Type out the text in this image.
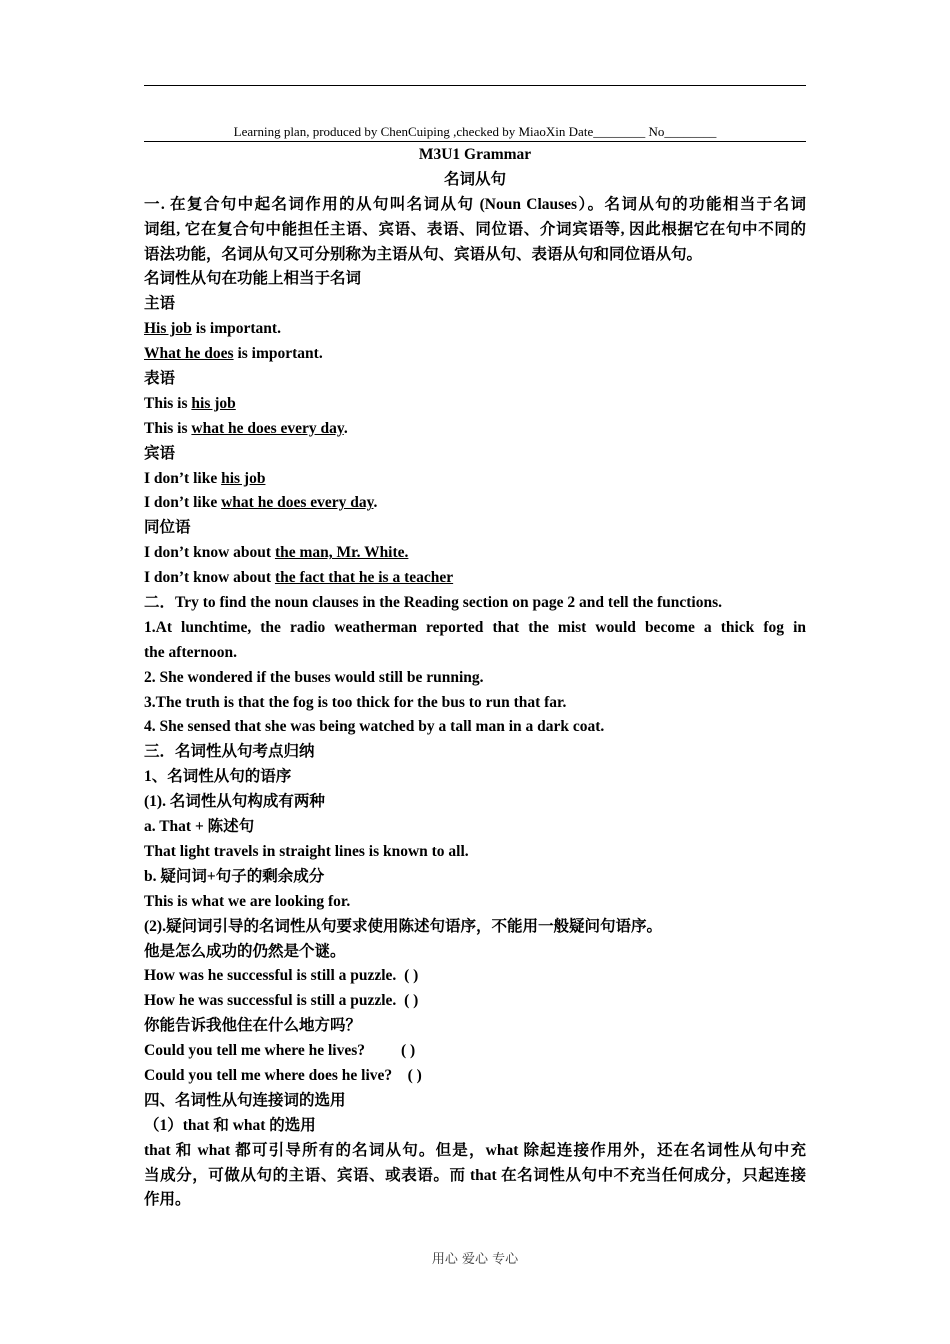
Learning plan, produced by ChenCuiping ,checked by MiaoXin Date________ No________
M3U1 Grammar
名词从句
一. 在复合句中起名词作用的从句叫名词从句 (Noun Clauses）。名词从句的功能相当于名词
词组, 它在复合句中能担任主语、宾语、表语、同位语、介词宾语等, 因此根据它在句中不同的
语法功能，名词从句又可分别称为主语从句、宾语从句、表语从句和同位语从句。
名词性从句在功能上相当于名词
主语
His job is important.
What he does is important.
表语
This is his job
This is what he does every day.
宾语
I don’t like his job
I don’t like what he does every day.
同位语
I don’t know about the man, Mr. White.
I don’t know about the fact that he is a teacher
二．Try to find the noun clauses in the Reading section on page 2 and tell the functions.
1.At lunchtime, the radio weatherman reported that the mist would become a thick fog in
the afternoon.
2. She wondered if the buses would still be running.
3.The truth is that the fog is too thick for the bus to run that far.
4. She sensed that she was being watched by a tall man in a dark coat.
三．名词性从句考点归纳
1、名词性从句的语序
(1). 名词性从句构成有两种
a. That + 陈述句
That light travels in straight lines is known to all.
b. 疑问词+句子的剩余成分
This is what we are looking for.
(2).疑问词引导的名词性从句要求使用陈述句语序，不能用一般疑问句语序。
他是怎么成功的仍然是个谜。
How was he successful is still a puzzle. ( )
How he was successful is still a puzzle. ( )
你能告诉我他住在什么地方吗？
Could you tell me where he lives? ( )
Could you tell me where does he live? ( )
四、名词性从句连接词的选用
（1）that 和 what 的选用
that 和 what 都可引导所有的名词从句。但是，what 除起连接作用外，还在名词性从句中充
当成分，可做从句的主语、宾语、或表语。而 that 在名词性从句中不充当任何成分，只起连接
作用。
用心 爱心 专心
